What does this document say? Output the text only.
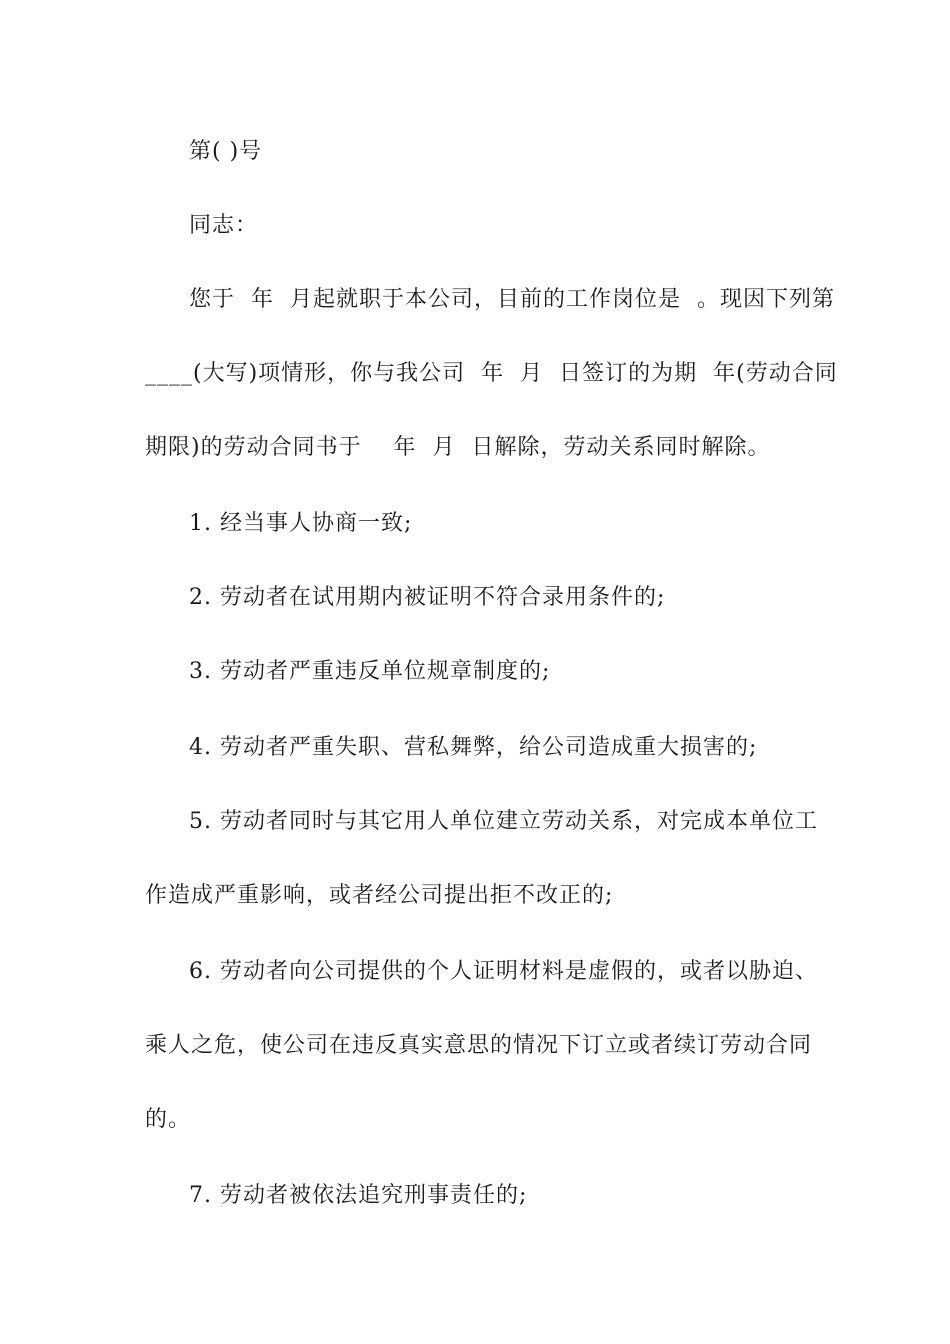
第( )号
同志：
您于  年  月起就职于本公司，目前的工作岗位是  。现因下列第
____(大写)项情形，你与我公司  年  月  日签订的为期  年(劳动合同
期限)的劳动合同书于    年  月  日解除，劳动关系同时解除。
1. 经当事人协商一致;
2. 劳动者在试用期内被证明不符合录用条件的;
3. 劳动者严重违反单位规章制度的;
4. 劳动者严重失职、营私舞弊，给公司造成重大损害的;
5. 劳动者同时与其它用人单位建立劳动关系，对完成本单位工
作造成严重影响，或者经公司提出拒不改正的;
6. 劳动者向公司提供的个人证明材料是虚假的，或者以胁迫、
乘人之危，使公司在违反真实意思的情况下订立或者续订劳动合同
的。
7. 劳动者被依法追究刑事责任的;
